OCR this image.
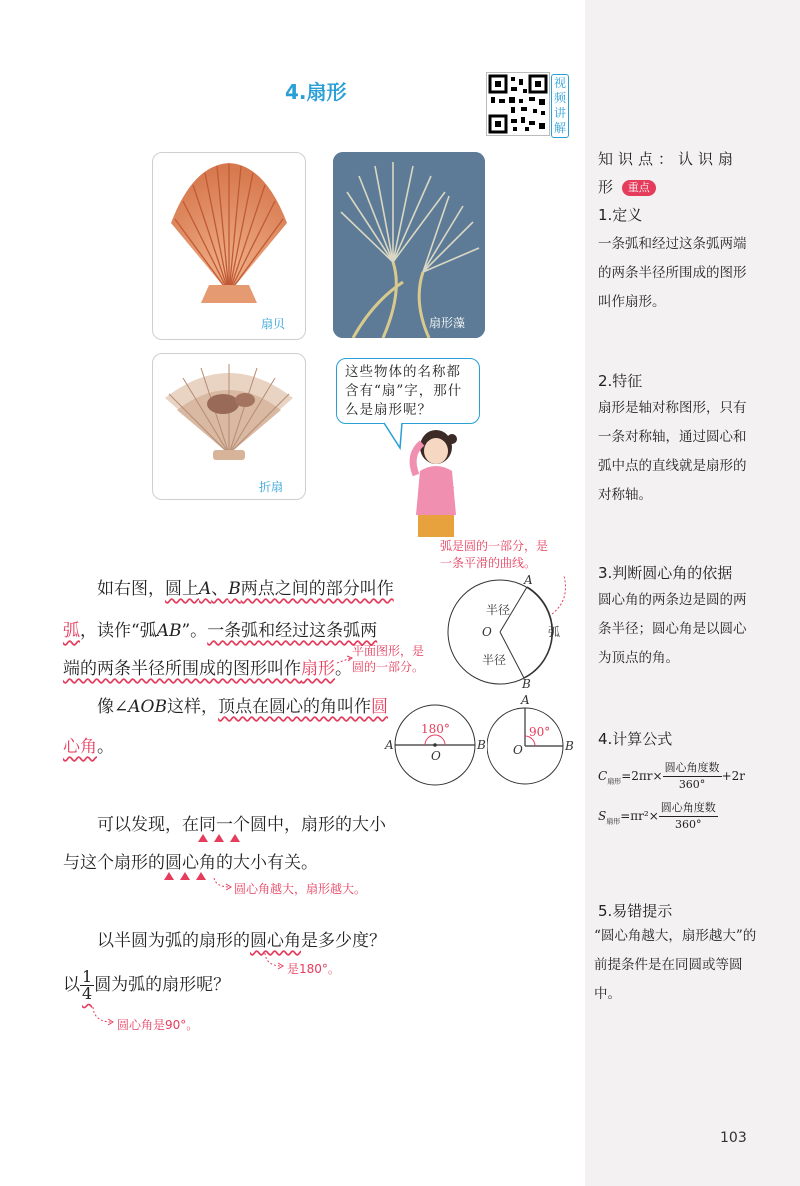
4.扇形	视频讲解
扇贝	扇形藻
折扇
这些物体的名称都含有“扇”字，那什么是扇形呢？
如右图，圆上A、B两点之间的部分叫作
弧，读作“弧AB”。一条弧和经过这条弧两
端的两条半径所围成的图形叫作扇形。
平面图形，是
圆的一部分。
弧是圆的一部分，是
一条平滑的曲线。
A
B
O
半径
半径
弧
像∠AOB这样，顶点在圆心的角叫作圆
心角。
180°
A	B
O
90°
A
B
O
可以发现，在同一个圆中，扇形的大小
与这个扇形的圆心角的大小有关。
圆心角越大，扇形越大。
以半圆为弧的扇形的圆心角是多少度？
是180°。
以 $\frac{1}{4}$ 圆为弧的扇形呢？
圆心角是90°。
知识点：认识扇
形 重点
1.定义
一条弧和经过这条弧两端的两条半径所围成的图形叫作扇形。
2.特征
扇形是轴对称图形，只有一条对称轴，通过圆心和弧中点的直线就是扇形的对称轴。
3.判断圆心角的依据
圆心角的两条边是圆的两条半径；圆心角是以圆心为顶点的角。
4.计算公式
$C_{扇形}=2\pi r\times \frac{\text{圆心角度数}}{360^\circ} +2r$
$S_{扇形}=\pi r^2\times \frac{\text{圆心角度数}}{360^\circ}$
5.易错提示
“圆心角越大，扇形越大”的前提条件是在同圆或等圆中。
103
